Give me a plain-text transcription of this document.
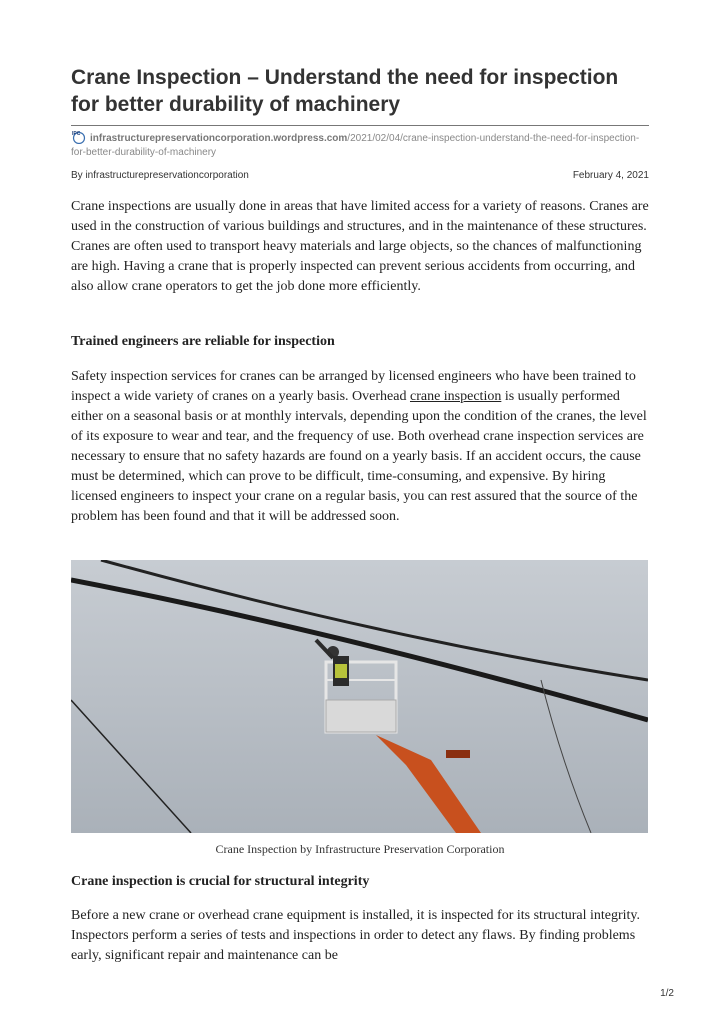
Crane Inspection – Understand the need for inspection for better durability of machinery
IPC infrastructurepreservationcorporation.wordpress.com/2021/02/04/crane-inspection-understand-the-need-for-inspection-for-better-durability-of-machinery
By infrastructurepreservationcorporation	February 4, 2021
Crane inspections are usually done in areas that have limited access for a variety of reasons. Cranes are used in the construction of various buildings and structures, and in the maintenance of these structures. Cranes are often used to transport heavy materials and large objects, so the chances of malfunctioning are high. Having a crane that is properly inspected can prevent serious accidents from occurring, and also allow crane operators to get the job done more efficiently.
Trained engineers are reliable for inspection
Safety inspection services for cranes can be arranged by licensed engineers who have been trained to inspect a wide variety of cranes on a yearly basis. Overhead crane inspection is usually performed either on a seasonal basis or at monthly intervals, depending upon the condition of the cranes, the level of its exposure to wear and tear, and the frequency of use. Both overhead crane inspection services are necessary to ensure that no safety hazards are found on a yearly basis. If an accident occurs, the cause must be determined, which can prove to be difficult, time-consuming, and expensive. By hiring licensed engineers to inspect your crane on a regular basis, you can rest assured that the source of the problem has been found and that it will be addressed soon.
Crane Inspection by Infrastructure Preservation Corporation
Crane inspection is crucial for structural integrity
Before a new crane or overhead crane equipment is installed, it is inspected for its structural integrity. Inspectors perform a series of tests and inspections in order to detect any flaws. By finding problems early, significant repair and maintenance can be
1/2
